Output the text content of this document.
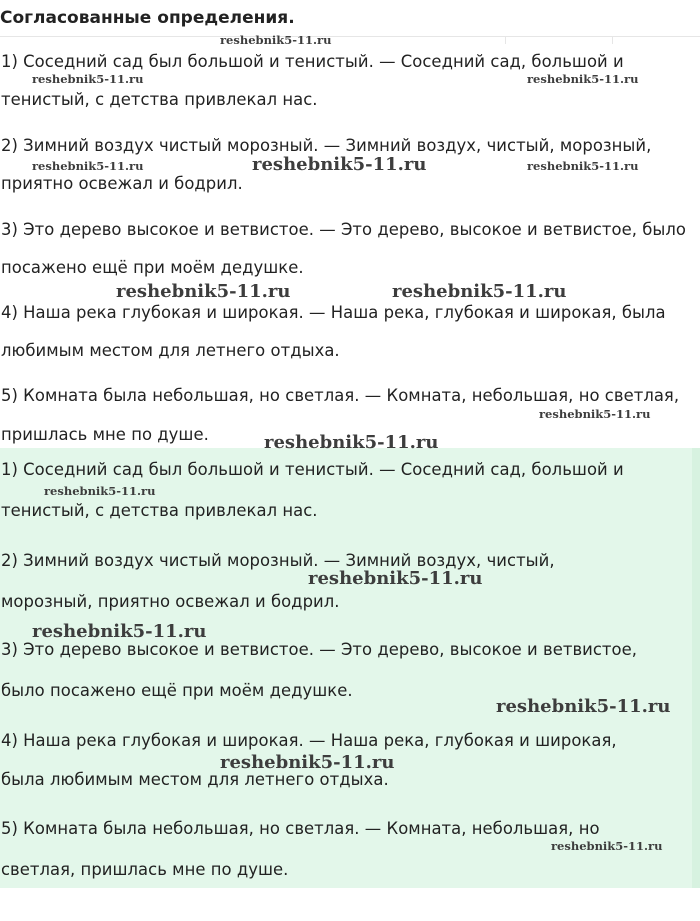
Согласованные определения.
1) Соседний сад был большой и тенистый. — Соседний сад, большой и
тенистый, с детства привлекал нас.
2) Зимний воздух чистый морозный. — Зимний воздух, чистый, морозный,
приятно освежал и бодрил.
3) Это дерево высокое и ветвистое. — Это дерево, высокое и ветвистое, было
посажено ещё при моём дедушке.
4) Наша река глубокая и широкая. — Наша река, глубокая и широкая, была
любимым местом для летнего отдыха.
5) Комната была небольшая, но светлая. — Комната, небольшая, но светлая,
пришлась мне по душе.
1) Соседний сад был большой и тенистый. — Соседний сад, большой и
тенистый, с детства привлекал нас.
2) Зимний воздух чистый морозный. — Зимний воздух, чистый,
морозный, приятно освежал и бодрил.
3) Это дерево высокое и ветвистое. — Это дерево, высокое и ветвистое,
было посажено ещё при моём дедушке.
4) Наша река глубокая и широкая. — Наша река, глубокая и широкая,
была любимым местом для летнего отдыха.
5) Комната была небольшая, но светлая. — Комната, небольшая, но
светлая, пришлась мне по душе.
reshebnik5-11.ru
reshebnik5-11.ru	reshebnik5-11.ru
reshebnik5-11.ru	reshebnik5-11.ru	reshebnik5-11.ru
reshebnik5-11.ru	reshebnik5-11.ru
reshebnik5-11.ru
reshebnik5-11.ru
reshebnik5-11.ru
reshebnik5-11.ru
reshebnik5-11.ru
reshebnik5-11.ru
reshebnik5-11.ru
reshebnik5-11.ru
